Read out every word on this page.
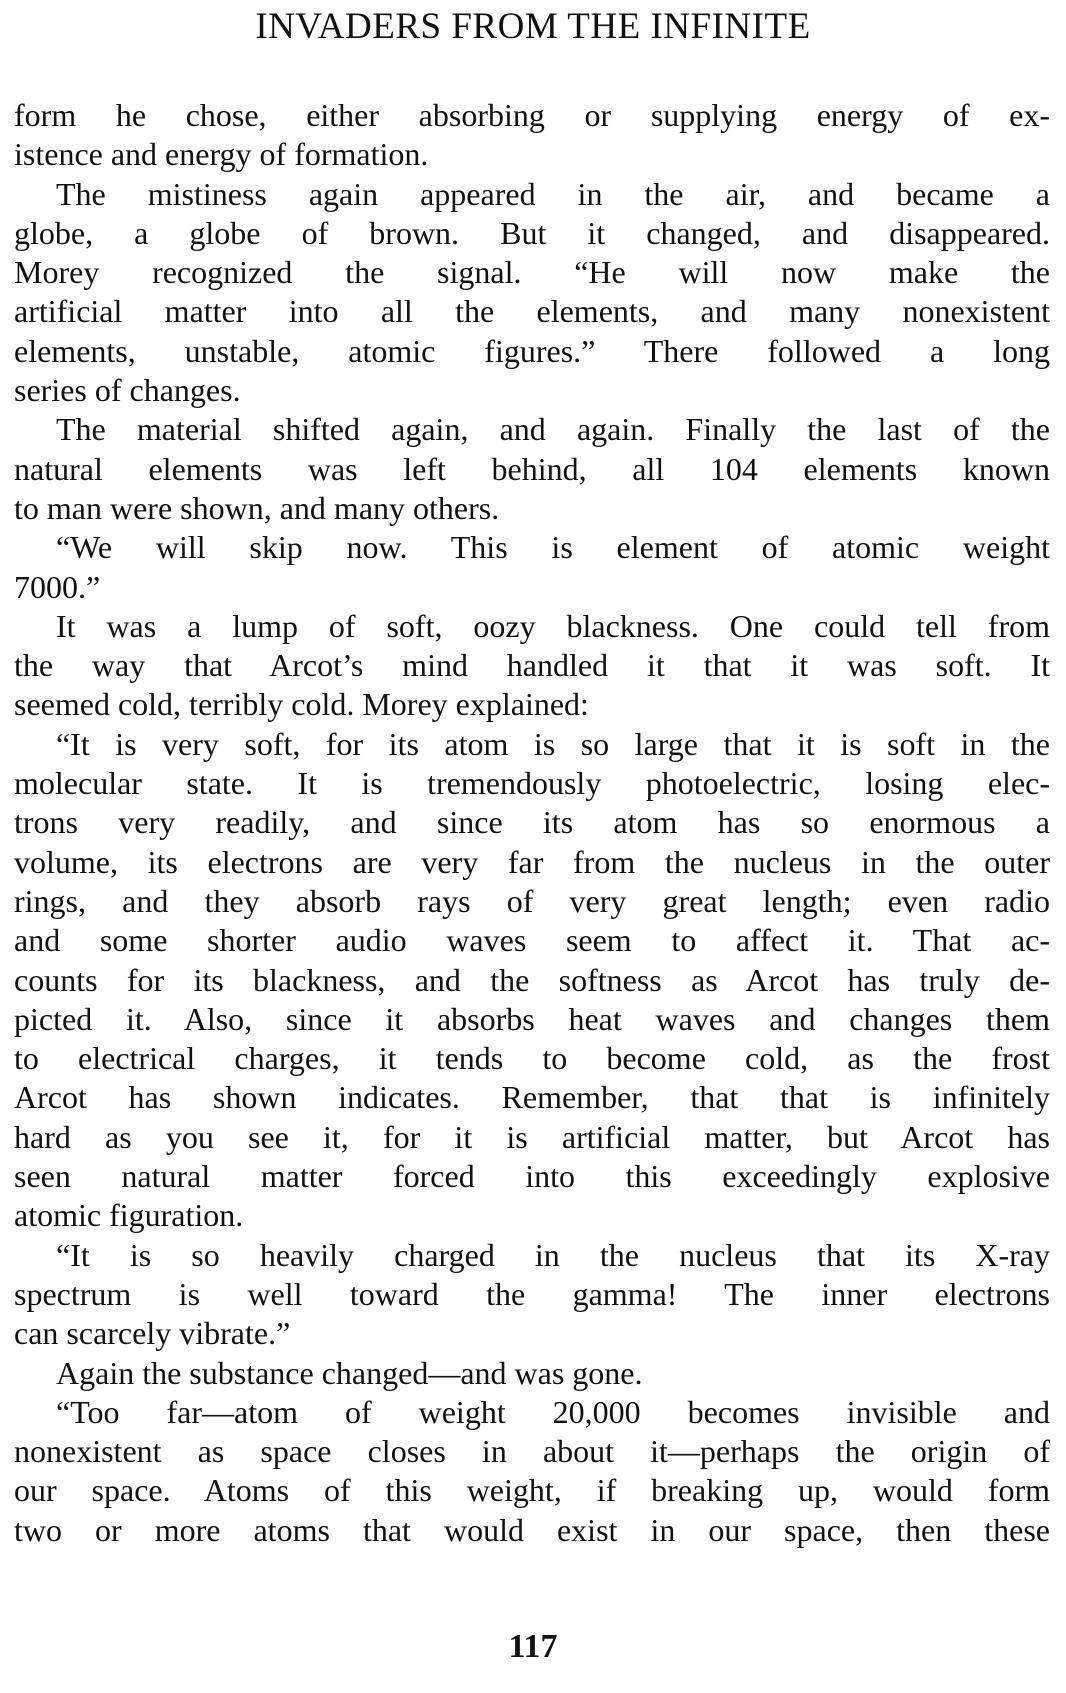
INVADERS FROM THE INFINITE
form he chose, either absorbing or supplying energy of ex-
istence and energy of formation.
The mistiness again appeared in the air, and became a
globe, a globe of brown. But it changed, and disappeared.
Morey recognized the signal. “He will now make the
artificial matter into all the elements, and many nonexistent
elements, unstable, atomic figures.” There followed a long
series of changes.
The material shifted again, and again. Finally the last of the
natural elements was left behind, all 104 elements known
to man were shown, and many others.
“We will skip now. This is element of atomic weight
7000.”
It was a lump of soft, oozy blackness. One could tell from
the way that Arcot’s mind handled it that it was soft. It
seemed cold, terribly cold. Morey explained:
“It is very soft, for its atom is so large that it is soft in the
molecular state. It is tremendously photoelectric, losing elec-
trons very readily, and since its atom has so enormous a
volume, its electrons are very far from the nucleus in the outer
rings, and they absorb rays of very great length; even radio
and some shorter audio waves seem to affect it. That ac-
counts for its blackness, and the softness as Arcot has truly de-
picted it. Also, since it absorbs heat waves and changes them
to electrical charges, it tends to become cold, as the frost
Arcot has shown indicates. Remember, that that is infinitely
hard as you see it, for it is artificial matter, but Arcot has
seen natural matter forced into this exceedingly explosive
atomic figuration.
“It is so heavily charged in the nucleus that its X-ray
spectrum is well toward the gamma! The inner electrons
can scarcely vibrate.”
Again the substance changed—and was gone.
“Too far—atom of weight 20,000 becomes invisible and
nonexistent as space closes in about it—perhaps the origin of
our space. Atoms of this weight, if breaking up, would form
two or more atoms that would exist in our space, then these
117
